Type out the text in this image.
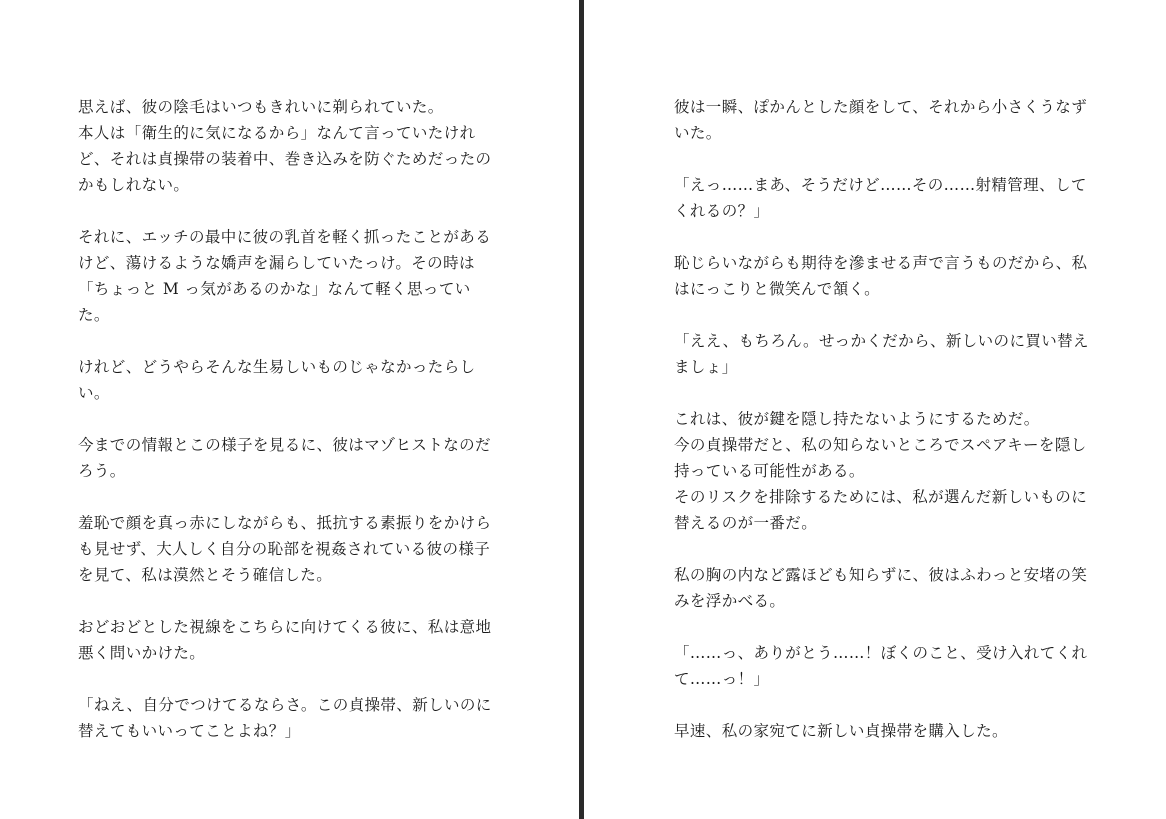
思えば、彼の陰毛はいつもきれいに剃られていた。
本人は「衛生的に気になるから」なんて言っていたけれど、それは貞操帯の装着中、巻き込みを防ぐためだったのかもしれない。

それに、エッチの最中に彼の乳首を軽く抓ったことがあるけど、蕩けるような嬌声を漏らしていたっけ。その時は「ちょっと M っ気があるのかな」なんて軽く思っていた。

けれど、どうやらそんな生易しいものじゃなかったらしい。

今までの情報とこの様子を見るに、彼はマゾヒストなのだろう。

羞恥で顔を真っ赤にしながらも、抵抗する素振りをかけらも見せず、大人しく自分の恥部を視姦されている彼の様子を見て、私は漠然とそう確信した。

おどおどとした視線をこちらに向けてくる彼に、私は意地悪く問いかけた。

「ねえ、自分でつけてるならさ。この貞操帯、新しいのに替えてもいいってことよね？」

彼は一瞬、ぽかんとした顔をして、それから小さくうなずいた。

「えっ……まあ、そうだけど……その……射精管理、してくれるの？」

恥じらいながらも期待を滲ませる声で言うものだから、私はにっこりと微笑んで頷く。

「ええ、もちろん。せっかくだから、新しいのに買い替えましょ」

これは、彼が鍵を隠し持たないようにするためだ。
今の貞操帯だと、私の知らないところでスペアキーを隠し持っている可能性がある。
そのリスクを排除するためには、私が選んだ新しいものに替えるのが一番だ。

私の胸の内など露ほども知らずに、彼はふわっと安堵の笑みを浮かべる。

「……っ、ありがとう……！ぼくのこと、受け入れてくれて……っ！」

早速、私の家宛てに新しい貞操帯を購入した。
